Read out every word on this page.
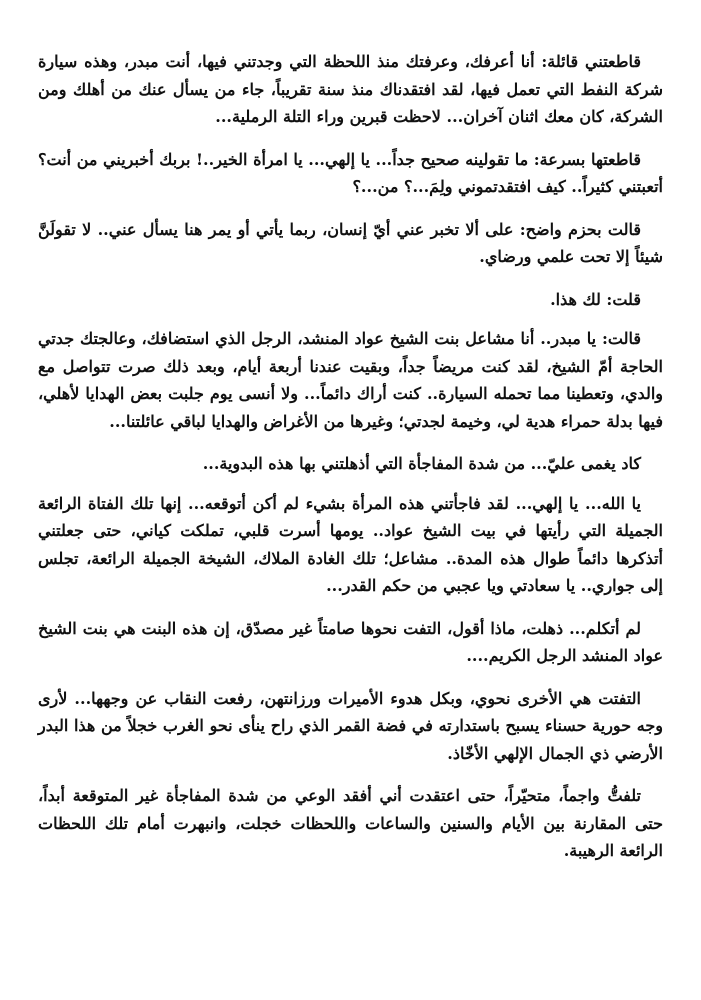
قاطعتني قائلة: أنا أعرفك، وعرفتك منذ اللحظة التي وجدتني فيها، أنت مبدر، وهذه سيارة شركة النفط التي تعمل فيها، لقد افتقدناك منذ سنة تقريباً، جاء من يسأل عنك من أهلك ومن الشركة، كان معك اثنان آخران... لاحظت قبرين وراء التلة الرملية...

قاطعتها بسرعة: ما تقولينه صحيح جداً... يا إلهي... يا امرأة الخير..! بربك أخبريني من أنت؟ أتعبتني كثيراً.. كيف افتقدتموني ولِمَ...؟ من...؟

قالت بحزم واضح: على ألا تخبر عني أيّ إنسان، ربما يأتي أو يمر هنا يسأل عني.. لا تقولَنَّ شيئاً إلا تحت علمي ورضاي.

قلت: لك هذا.

قالت: يا مبدر.. أنا مشاعل بنت الشيخ عواد المنشد، الرجل الذي استضافك، وعالجتك جدتي الحاجة أمّ الشيخ، لقد كنت مريضاً جداً، وبقيت عندنا أربعة أيام، وبعد ذلك صرت تتواصل مع والدي، وتعطينا مما تحمله السيارة.. كنت أراك دائماً... ولا أنسى يوم جلبت بعض الهدايا لأهلي، فيها بدلة حمراء هدية لي، وخيمة لجدتي؛ وغيرها من الأغراض والهدايا لباقي عائلتنا...

كاد يغمى عليّ... من شدة المفاجأة التي أذهلتني بها هذه البدوية...

يا الله... يا إلهي... لقد فاجأتني هذه المرأة بشيء لم أكن أتوقعه... إنها تلك الفتاة الرائعة الجميلة التي رأيتها في بيت الشيخ عواد.. يومها أسرت قلبي، تملكت كياني، حتى جعلتني أتذكرها دائماً طوال هذه المدة.. مشاعل؛ تلك الغادة الملاك، الشيخة الجميلة الرائعة، تجلس إلى جواري.. يا سعادتي ويا عجبي من حكم القدر...

لم أتكلم... ذهلت، ماذا أقول، التفت نحوها صامتاً غير مصدّق، إن هذه البنت هي بنت الشيخ عواد المنشد الرجل الكريم....

التفتت هي الأخرى نحوي، وبكل هدوء الأميرات ورزانتهن، رفعت النقاب عن وجهها... لأرى وجه حورية حسناء يسبح باستدارته في فضة القمر الذي راح ينأى نحو الغرب خجلاً من هذا البدر الأرضي ذي الجمال الإلهي الأخّاذ.

تلفتُّ واجماً، متحيّراً، حتى اعتقدت أني أفقد الوعي من شدة المفاجأة غير المتوقعة أبداً، حتى المقارنة بين الأيام والسنين والساعات واللحظات خجلت، وانبهرت أمام تلك اللحظات الرائعة الرهيبة.
